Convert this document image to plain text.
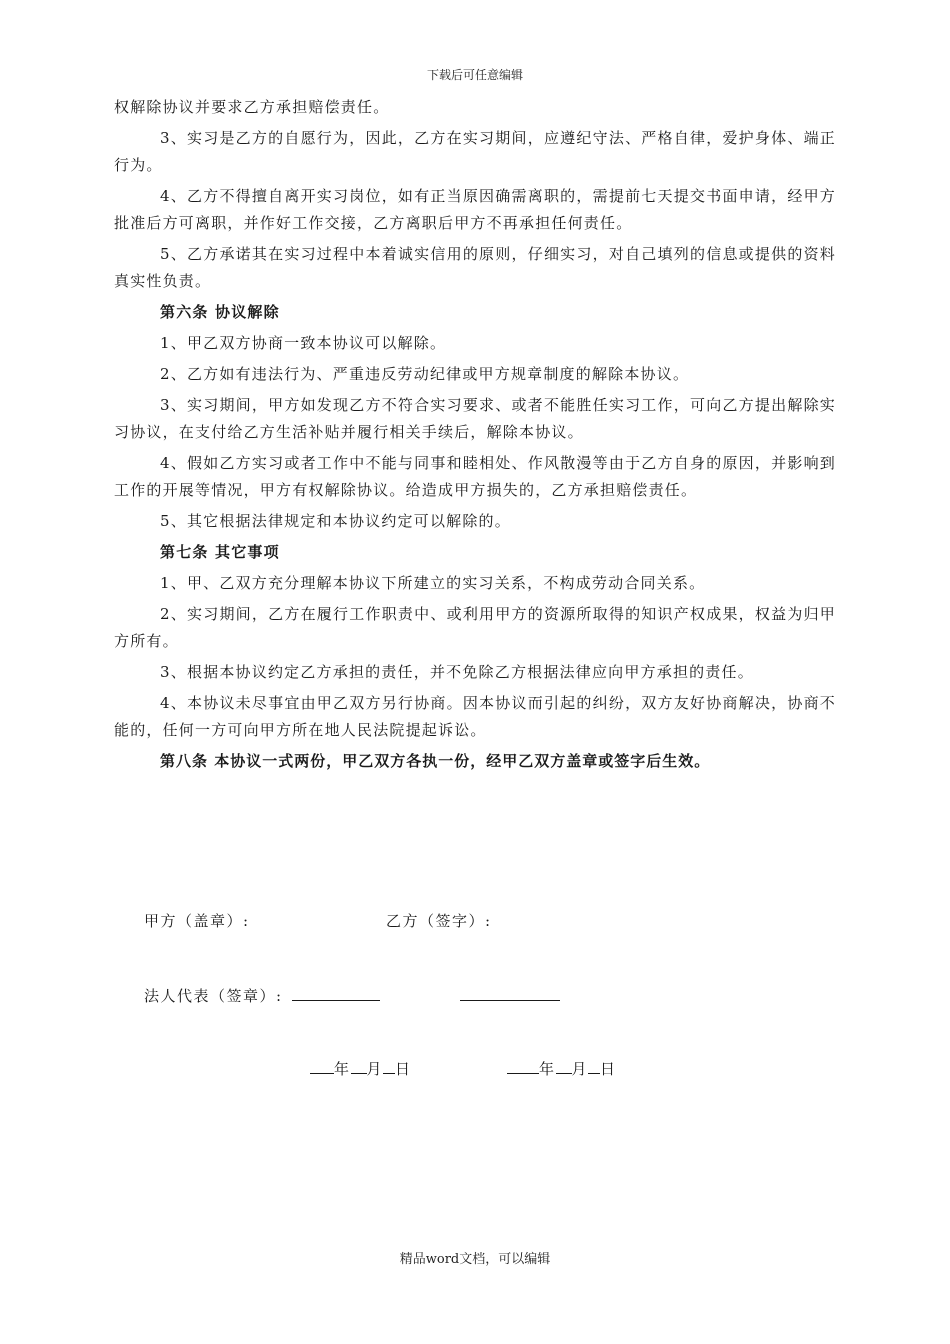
下载后可任意编辑

权解除协议并要求乙方承担赔偿责任。

3、实习是乙方的自愿行为，因此，乙方在实习期间，应遵纪守法、严格自律，爱护身体、端正行为。

4、乙方不得擅自离开实习岗位，如有正当原因确需离职的，需提前七天提交书面申请，经甲方批准后方可离职，并作好工作交接，乙方离职后甲方不再承担任何责任。

5、乙方承诺其在实习过程中本着诚实信用的原则，仔细实习，对自己填列的信息或提供的资料真实性负责。

第六条 协议解除

1、甲乙双方协商一致本协议可以解除。

2、乙方如有违法行为、严重违反劳动纪律或甲方规章制度的解除本协议。

3、实习期间，甲方如发现乙方不符合实习要求、或者不能胜任实习工作，可向乙方提出解除实习协议，在支付给乙方生活补贴并履行相关手续后，解除本协议。

4、假如乙方实习或者工作中不能与同事和睦相处、作风散漫等由于乙方自身的原因，并影响到工作的开展等情况，甲方有权解除协议。给造成甲方损失的，乙方承担赔偿责任。

5、其它根据法律规定和本协议约定可以解除的。

第七条 其它事项

1、甲、乙双方充分理解本协议下所建立的实习关系，不构成劳动合同关系。

2、实习期间，乙方在履行工作职责中、或利用甲方的资源所取得的知识产权成果，权益为归甲方所有。

3、根据本协议约定乙方承担的责任，并不免除乙方根据法律应向甲方承担的责任。

4、本协议未尽事宜由甲乙双方另行协商。因本协议而引起的纠纷，双方友好协商解决，协商不能的，任何一方可向甲方所在地人民法院提起诉讼。

第八条 本协议一式两份，甲乙双方各执一份，经甲乙双方盖章或签字后生效。

甲方（盖章）:	乙方（签字）:
法人代表（签章）:
年 月 日	年 月 日
精品word文档，可以编辑
